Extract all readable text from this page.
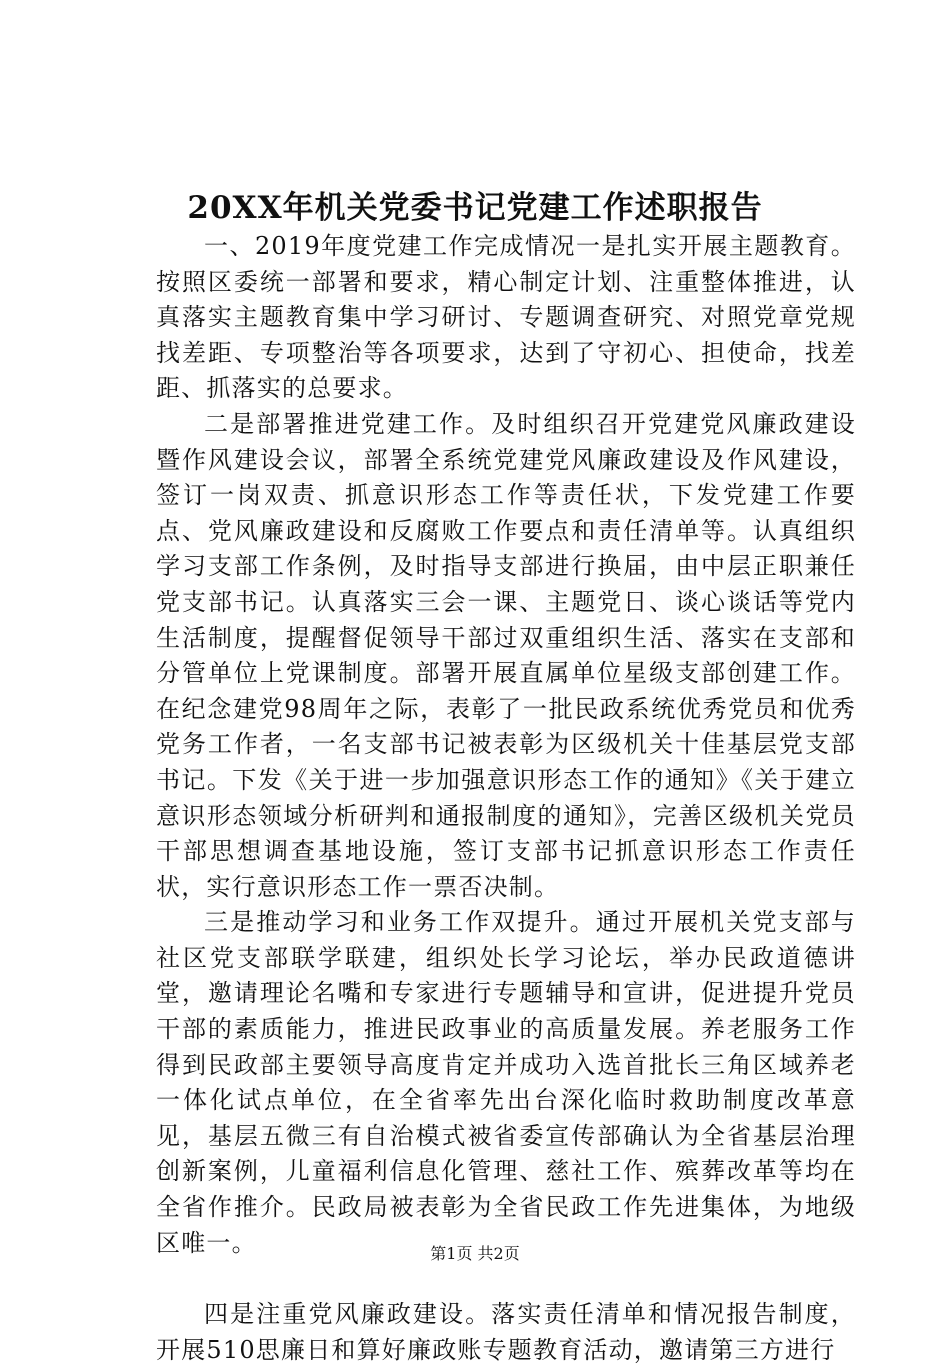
20XX年机关党委书记党建工作述职报告

一、2019年度党建工作完成情况一是扎实开展主题教育。按照区委统一部署和要求，精心制定计划、注重整体推进，认真落实主题教育集中学习研讨、专题调查研究、对照党章党规找差距、专项整治等各项要求，达到了守初心、担使命，找差距、抓落实的总要求。

二是部署推进党建工作。及时组织召开党建党风廉政建设暨作风建设会议，部署全系统党建党风廉政建设及作风建设，签订一岗双责、抓意识形态工作等责任状，下发党建工作要点、党风廉政建设和反腐败工作要点和责任清单等。认真组织学习支部工作条例，及时指导支部进行换届，由中层正职兼任党支部书记。认真落实三会一课、主题党日、谈心谈话等党内生活制度，提醒督促领导干部过双重组织生活、落实在支部和分管单位上党课制度。部署开展直属单位星级支部创建工作。在纪念建党98周年之际，表彰了一批民政系统优秀党员和优秀党务工作者，一名支部书记被表彰为区级机关十佳基层党支部书记。下发《关于进一步加强意识形态工作的通知》《关于建立意识形态领域分析研判和通报制度的通知》，完善区级机关党员干部思想调查基地设施，签订支部书记抓意识形态工作责任状，实行意识形态工作一票否决制。

三是推动学习和业务工作双提升。通过开展机关党支部与社区党支部联学联建，组织处长学习论坛，举办民政道德讲堂，邀请理论名嘴和专家进行专题辅导和宣讲，促进提升党员干部的素质能力，推进民政事业的高质量发展。养老服务工作得到民政部主要领导高度肯定并成功入选首批长三角区域养老一体化试点单位，在全省率先出台深化临时救助制度改革意见，基层五微三有自治模式被省委宣传部确认为全省基层治理创新案例，儿童福利信息化管理、慈社工作、殡葬改革等均在全省作推介。民政局被表彰为全省民政工作先进集体，为地级区唯一。

四是注重党风廉政建设。落实责任清单和情况报告制度，开展510思廉日和算好廉政账专题教育活动，邀请第三方进行

第1页 共2页
